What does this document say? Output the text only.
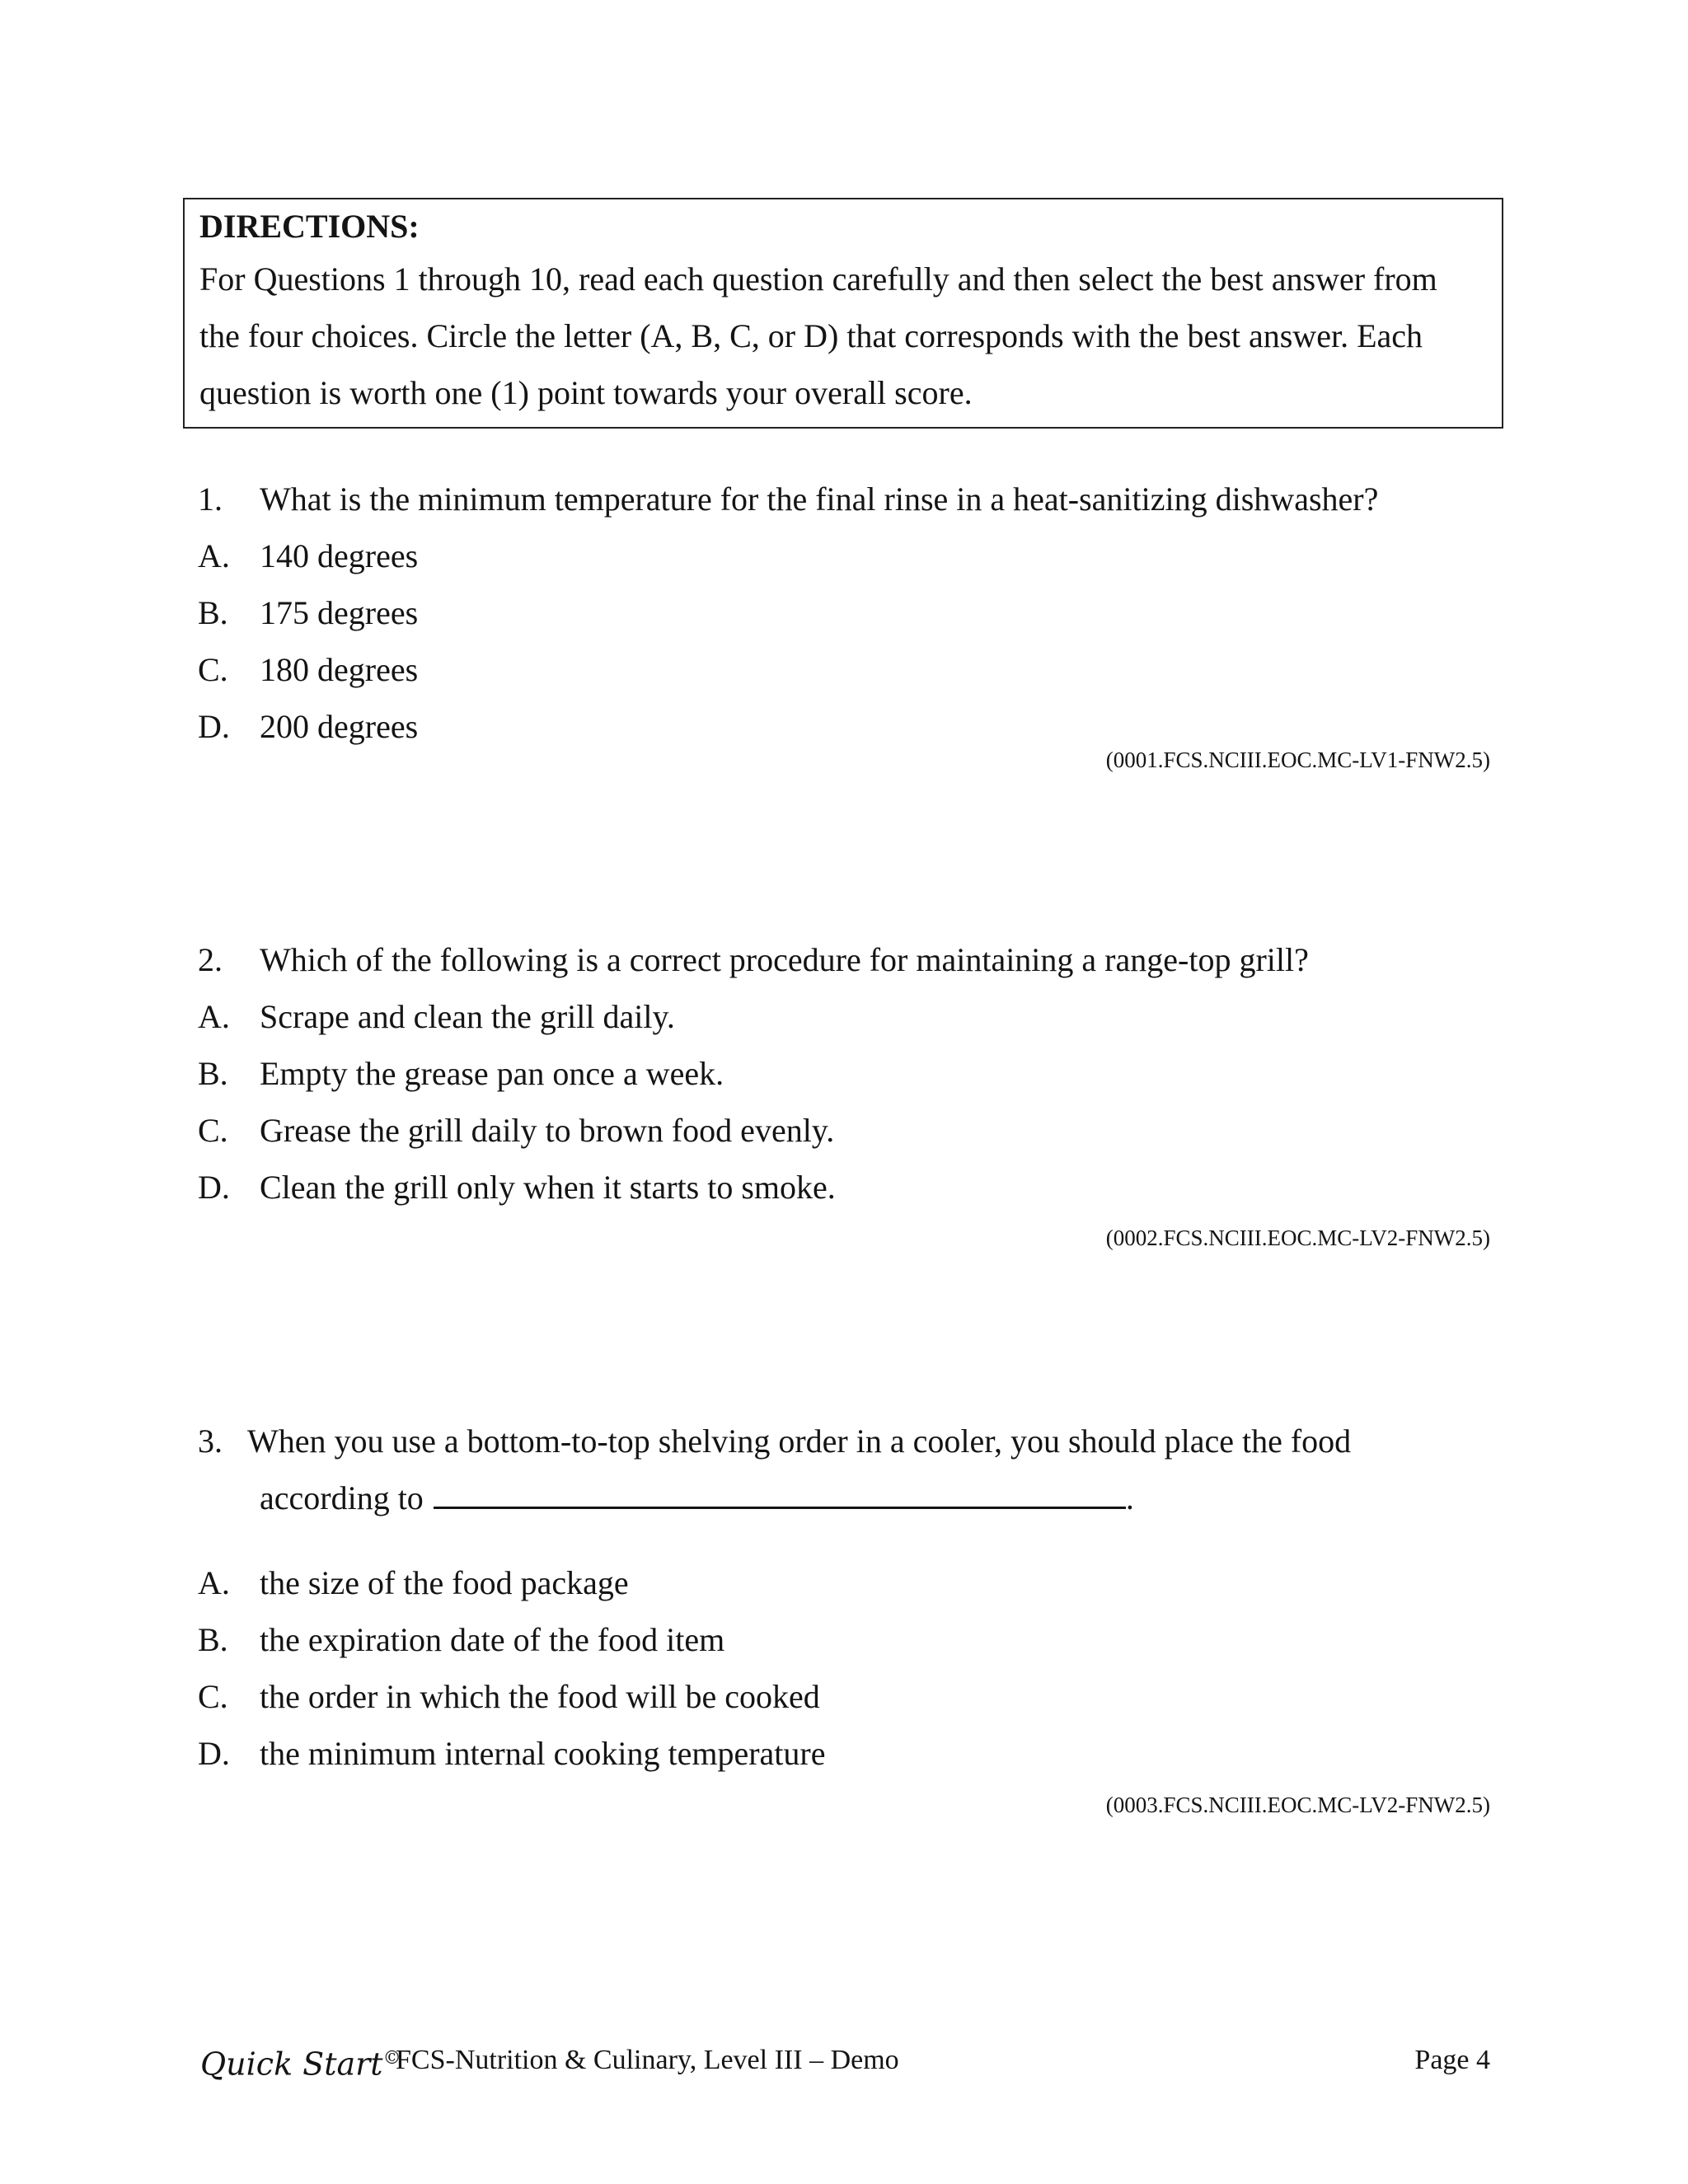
DIRECTIONS:
For Questions 1 through 10, read each question carefully and then select the best answer from
the four choices. Circle the letter (A, B, C, or D) that corresponds with the best answer. Each
question is worth one (1) point towards your overall score.
1. What is the minimum temperature for the final rinse in a heat-sanitizing dishwasher?
A. 140 degrees
B. 175 degrees
C. 180 degrees
D. 200 degrees
(0001.FCS.NCIII.EOC.MC-LV1-FNW2.5)
2. Which of the following is a correct procedure for maintaining a range-top grill?
A. Scrape and clean the grill daily.
B. Empty the grease pan once a week.
C. Grease the grill daily to brown food evenly.
D. Clean the grill only when it starts to smoke.
(0002.FCS.NCIII.EOC.MC-LV2-FNW2.5)
3. When you use a bottom-to-top shelving order in a cooler, you should place the food
according to	.
A. the size of the food package
B. the expiration date of the food item
C. the order in which the food will be cooked
D. the minimum internal cooking temperature
(0003.FCS.NCIII.EOC.MC-LV2-FNW2.5)
Quick Start©
FCS-Nutrition & Culinary, Level III – Demo	Page 4
